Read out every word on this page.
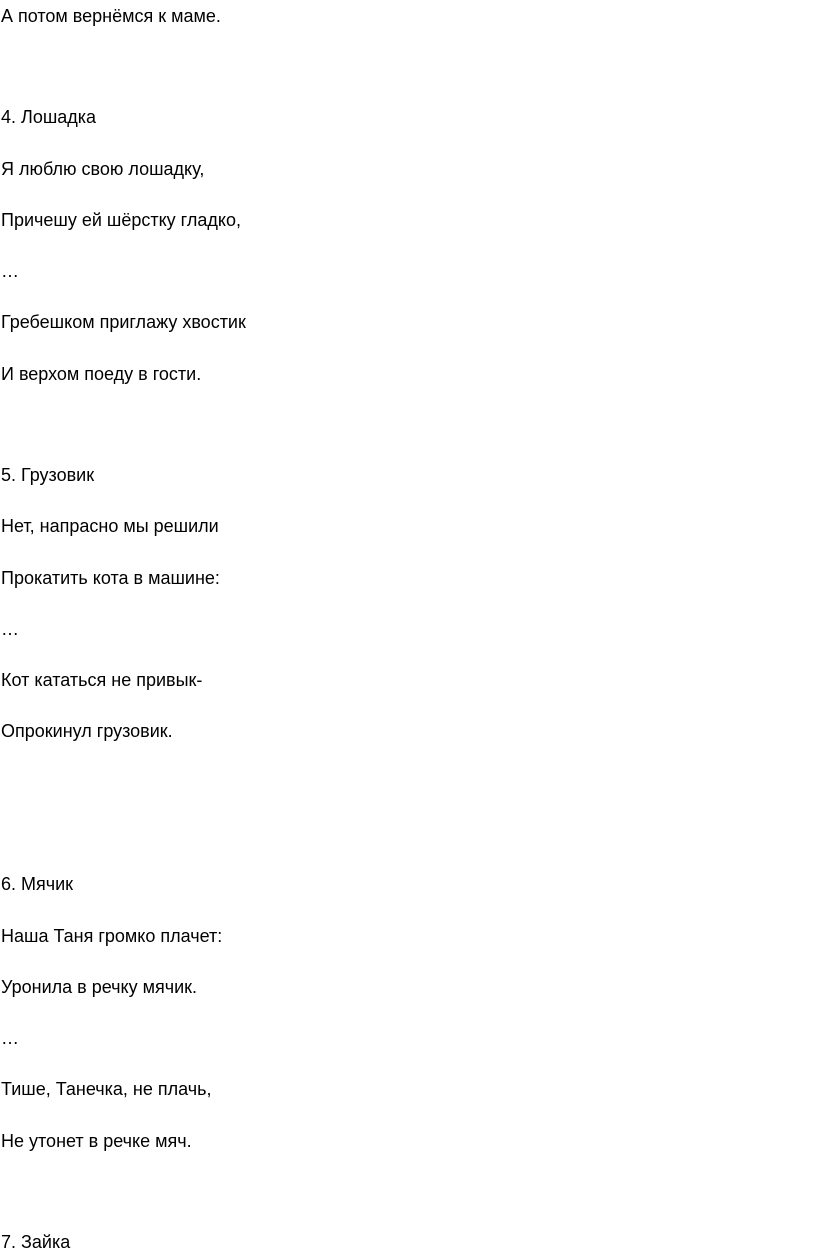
А потом вернёмся к маме.
4. Лошадка
Я люблю свою лошадку,
Причешу ей шёрстку гладко,
…
Гребешком приглажу хвостик
И верхом поеду в гости.
5. Грузовик
Нет, напрасно мы решили
Прокатить кота в машине:
…
Кот кататься не привык-
Опрокинул грузовик.
6. Мячик
Наша Таня громко плачет:
Уронила в речку мячик.
…
Тише, Танечка, не плачь,
Не утонет в речке мяч.
7. Зайка
